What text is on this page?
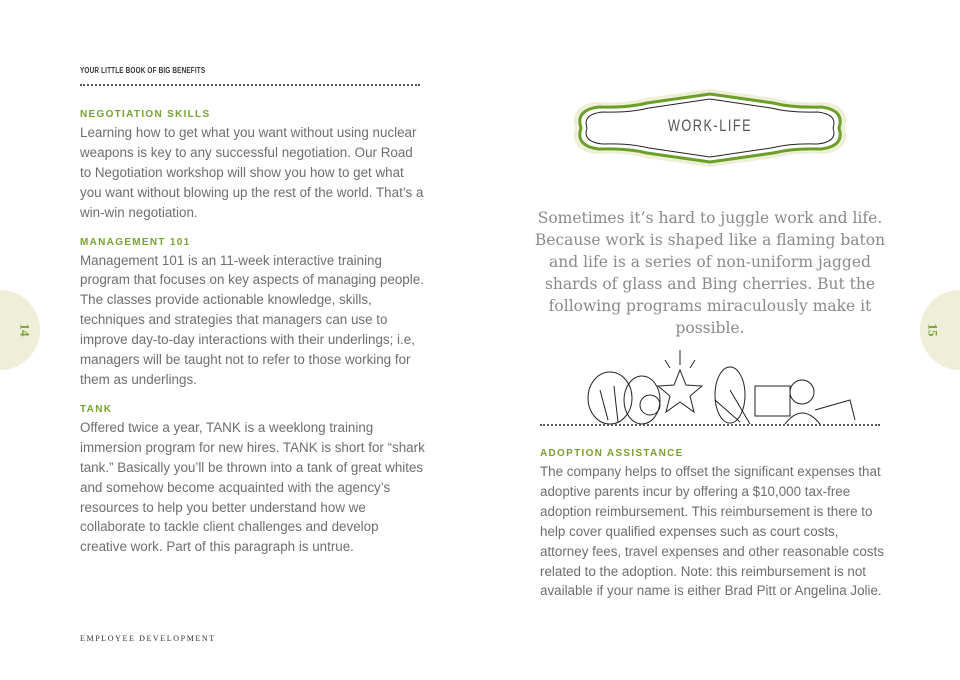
YOUR LITTLE BOOK OF BIG BENEFITS
NEGOTIATION SKILLS
Learning how to get what you want without using nuclear weapons is key to any successful negotiation. Our Road to Negotiation workshop will show you how to get what you want without blowing up the rest of the world. That’s a win-win negotiation.
MANAGEMENT 101
Management 101 is an 11-week interactive training program that focuses on key aspects of managing people. The classes provide actionable knowledge, skills, techniques and strategies that managers can use to improve day-to-day interactions with their underlings; i.e, managers will be taught not to refer to those working for them as underlings.
TANK
Offered twice a year, TANK is a weeklong training immersion program for new hires. TANK is short for “shark tank.” Basically you’ll be thrown into a tank of great whites and somehow become acquainted with the agency’s resources to help you better understand how we collaborate to tackle client challenges and develop creative work. Part of this paragraph is untrue.
14	15
WORK-LIFE
Sometimes it’s hard to juggle work and life. Because work is shaped like a flaming baton and life is a series of non-uniform jagged shards of glass and Bing cherries. But the following programs miraculously make it possible.
ADOPTION ASSISTANCE
The company helps to offset the significant expenses that adoptive parents incur by offering a $10,000 tax-free adoption reimbursement. This reimbursement is there to help cover qualified expenses such as court costs, attorney fees, travel expenses and other reasonable costs related to the adoption. Note: this reimbursement is not available if your name is either Brad Pitt or Angelina Jolie.
EMPLOYEE DEVELOPMENT
